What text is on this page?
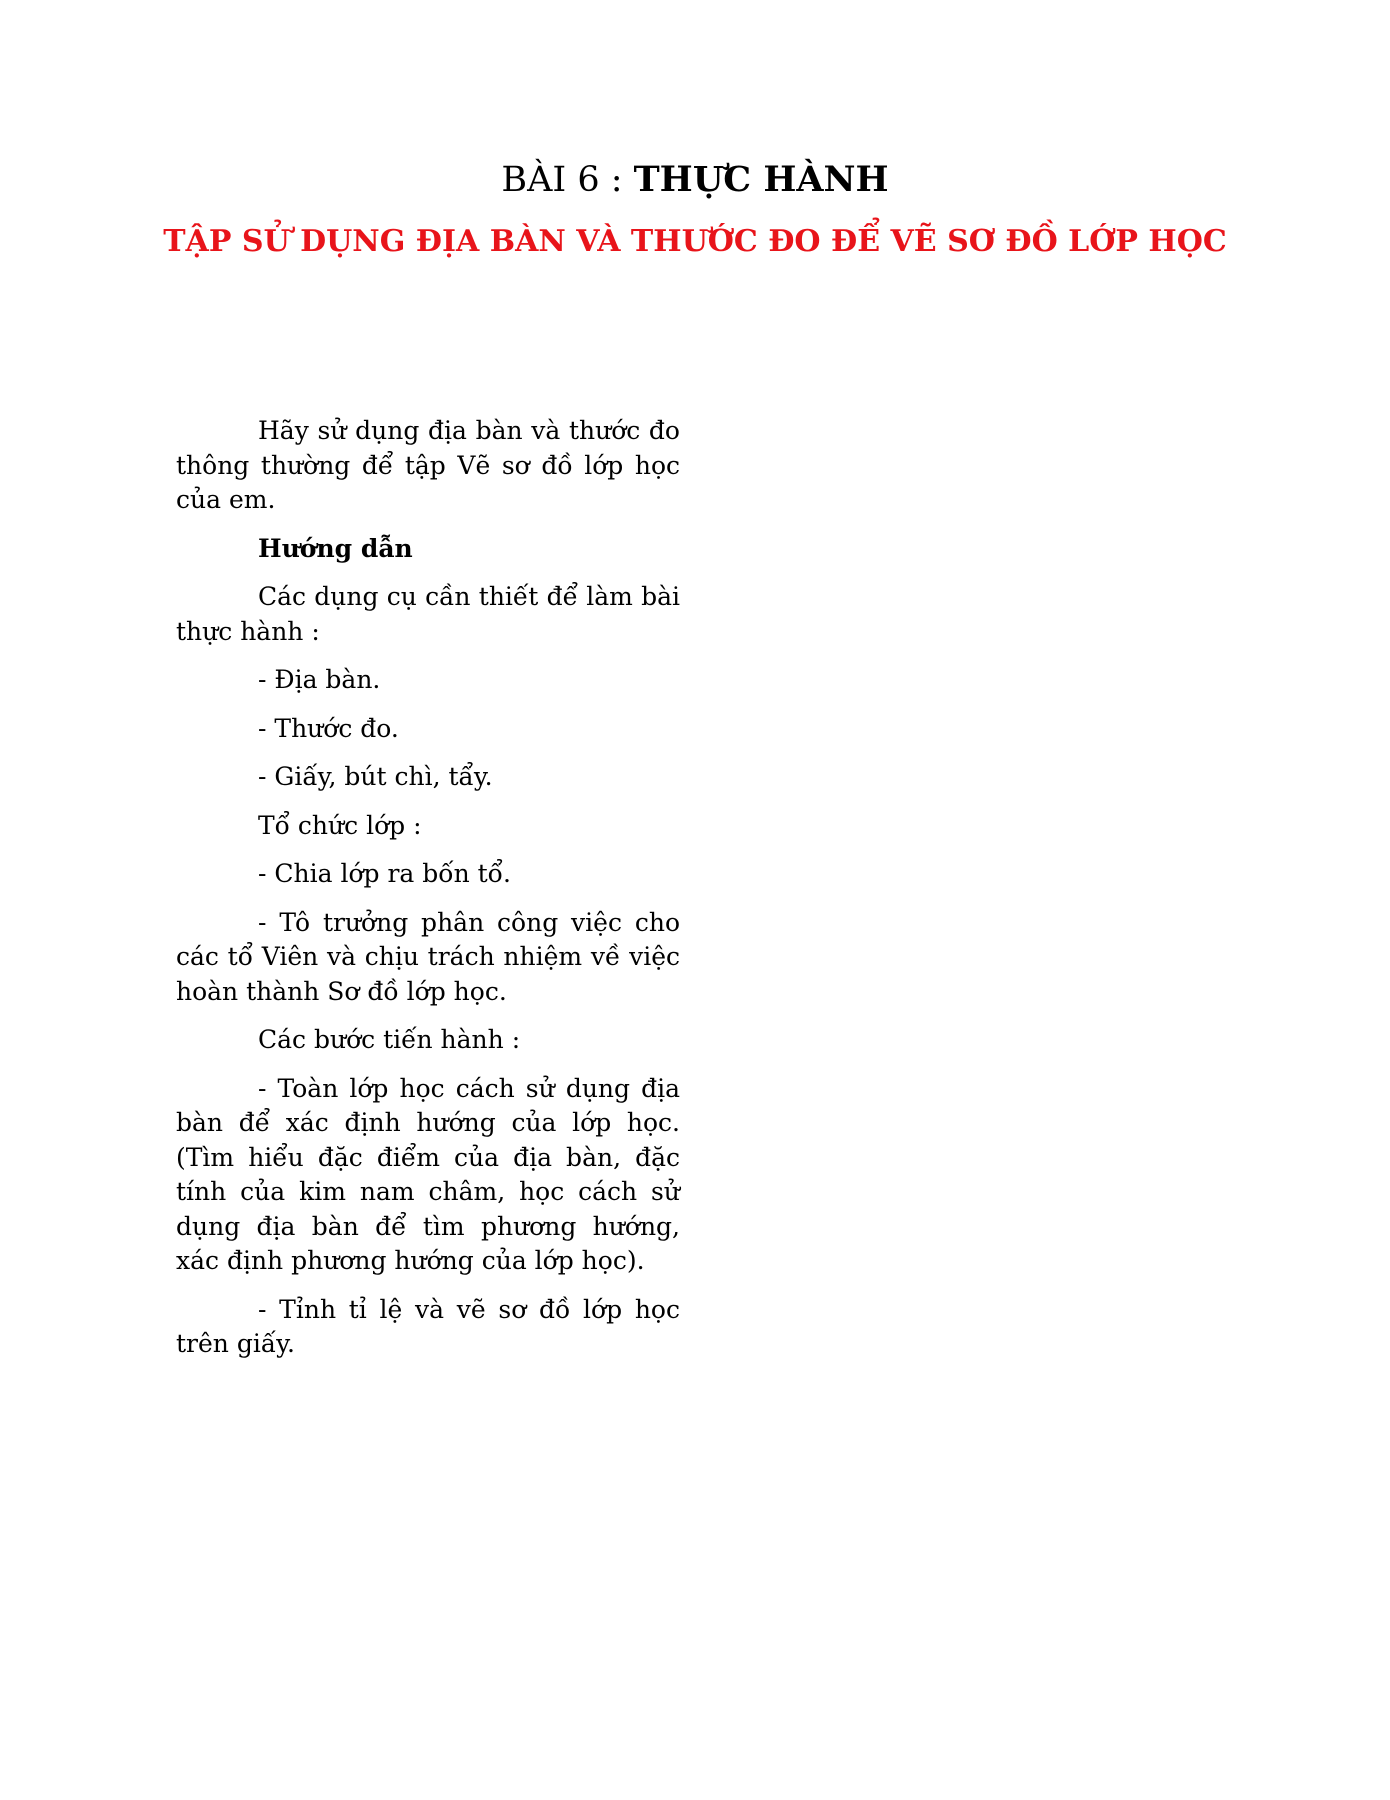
BÀI 6 : THỰC HÀNH
TẬP SỬ DỤNG ĐỊA BÀN VÀ THƯỚC ĐO ĐỂ VẼ SƠ ĐỒ LỚP HỌC

Hãy sử dụng địa bàn và thước đo thông thường để tập Vẽ sơ đồ lớp học của em.

Hướng dẫn

Các dụng cụ cần thiết để làm bài thực hành :

- Địa bàn.

- Thước đo.

- Giấy, bút chì, tẩy.

Tổ chức lớp :

- Chia lớp ra bốn tổ.

- Tô trưởng phân công việc cho các tổ Viên và chịu trách nhiệm về việc hoàn thành Sơ đồ lớp học.

Các bước tiến hành :

- Toàn lớp học cách sử dụng địa bàn để xác định hướng của lớp học. (Tìm hiểu đặc điểm của địa bàn, đặc tính của kim nam châm, học cách sử dụng địa bàn để tìm phương hướng, xác định phương hướng của lớp học).

- Tỉnh tỉ lệ và vẽ sơ đồ lớp học trên giấy.
